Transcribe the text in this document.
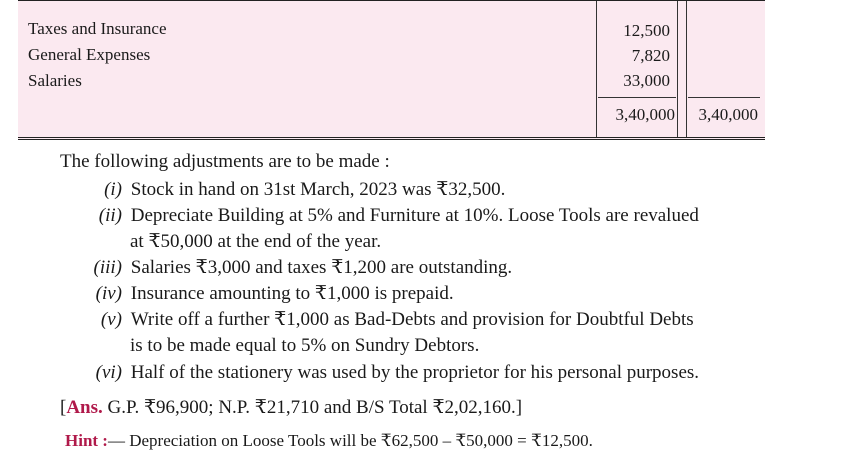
Taxes and Insurance
General Expenses
Salaries
12,500
7,820
33,000
3,40,000	3,40,000
The following adjustments are to be made :
(i) Stock in hand on 31st March, 2023 was ₹32,500.
(ii) Depreciate Building at 5% and Furniture at 10%. Loose Tools are revalued
at ₹50,000 at the end of the year.
(iii) Salaries ₹3,000 and taxes ₹1,200 are outstanding.
(iv) Insurance amounting to ₹1,000 is prepaid.
(v) Write off a further ₹1,000 as Bad-Debts and provision for Doubtful Debts
is to be made equal to 5% on Sundry Debtors.
(vi) Half of the stationery was used by the proprietor for his personal purposes.
[Ans. G.P. ₹96,900; N.P. ₹21,710 and B/S Total ₹2,02,160.]
Hint :— Depreciation on Loose Tools will be ₹62,500 – ₹50,000 = ₹12,500.
